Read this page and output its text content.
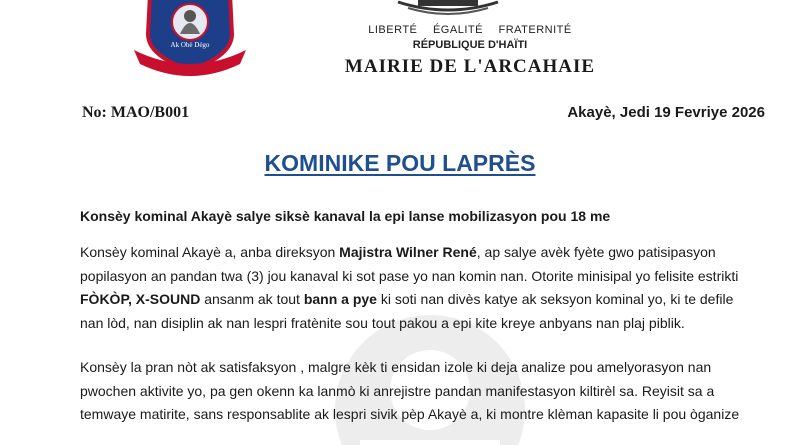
Ak Obè Dégo
LIBERTÉ ÉGALITÉ FRATERNITÉ
RÉPUBLIQUE D'HAÏTI
MAIRIE DE L'ARCAHAIE
No: MAO/B001	Akayè, Jedi 19 Fevriye 2026
KOMINIKE POU LAPRÈS
Konsèy kominal Akayè salye siksè kanaval la epi lanse mobilizasyon pou 18 me
Konsèy kominal Akayè a, anba direksyon Majistra Wilner René, ap salye avèk fyète gwo patisipasyon
popilasyon an pandan twa (3) jou kanaval ki sot pase yo nan komin nan. Otorite minisipal yo felisite estrikti
FÒKÒP, X-SOUND ansanm ak tout bann a pye ki soti nan divès katye ak seksyon kominal yo, ki te defile
nan lòd, nan disiplin ak nan lespri fratènite sou tout pakou a epi kite kreye anbyans nan plaj piblik.
Konsèy la pran nòt ak satisfaksyon , malgre kèk ti ensidan izole ki deja analize pou amelyorasyon nan
pwochen aktivite yo, pa gen okenn ka lanmò ki anrejistre pandan manifestasyon kiltirèl sa. Reyisit sa a
temwaye matirite, sans responsablite ak lespri sivik pèp Akayè a, ki montre klèman kapasite li pou òganize
